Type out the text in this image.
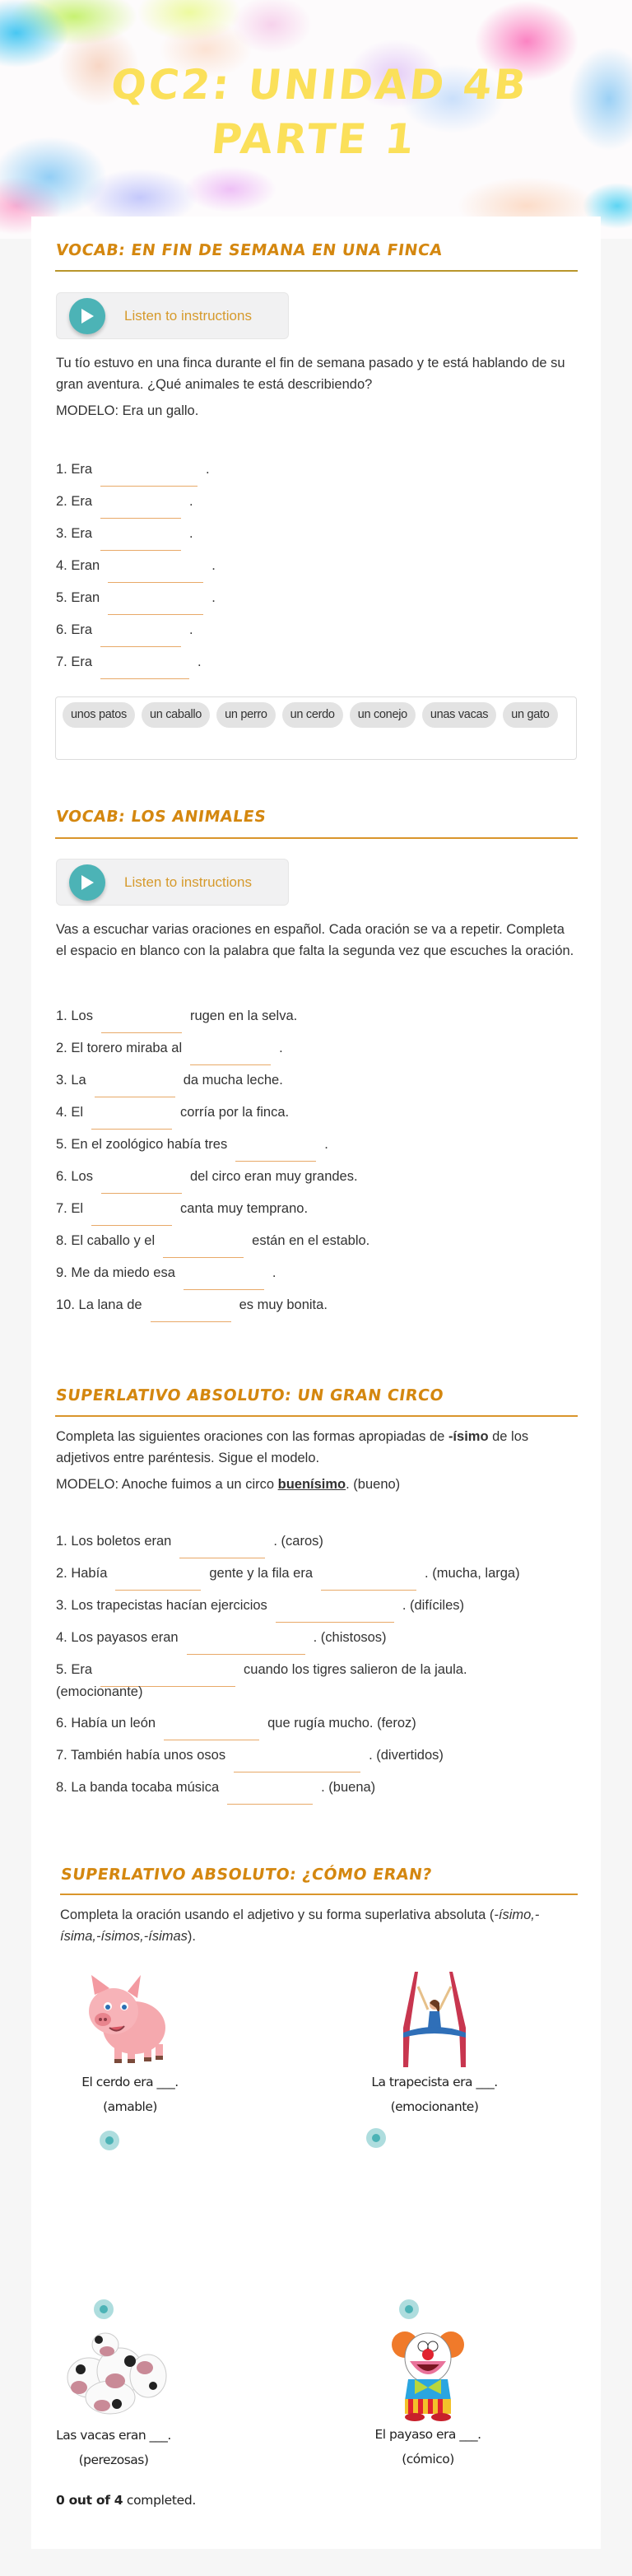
QC2: UNIDAD 4B PARTE 1
VOCAB: EN FIN DE SEMANA EN UNA FINCA
Listen to instructions
Tu tío estuvo en una finca durante el fin de semana pasado y te está hablando de su gran aventura. ¿Qué animales te está describiendo?
MODELO: Era un gallo.
1. Era	.
2. Era	.
3. Era	.
4. Eran	.
5. Eran	.
6. Era	.
7. Era	.
unos patos	un caballo	un perro	un cerdo	un conejo	unas vacas	un gato
VOCAB: LOS ANIMALES
Listen to instructions
Vas a escuchar varias oraciones en español. Cada oración se va a repetir. Completa el espacio en blanco con la palabra que falta la segunda vez que escuches la oración.
1. Los	rugen en la selva.
2. El torero miraba al	.
3. La	da mucha leche.
4. El	corría por la finca.
5. En el zoológico había tres	.
6. Los	del circo eran muy grandes.
7. El	canta muy temprano.
8. El caballo y el	están en el establo.
9. Me da miedo esa	.
10. La lana de	es muy bonita.
SUPERLATIVO ABSOLUTO: UN GRAN CIRCO
Completa las siguientes oraciones con las formas apropiadas de -ísimo de los adjetivos entre paréntesis. Sigue el modelo.
MODELO: Anoche fuimos a un circo buenísimo. (bueno)
1. Los boletos eran	. (caros)
2. Había	gente y la fila era	. (mucha, larga)
3. Los trapecistas hacían ejercicios	. (difíciles)
4. Los payasos eran	. (chistosos)
5. Era	cuando los tigres salieron de la jaula.
(emocionante)
6. Había un león	que rugía mucho. (feroz)
7. También había unos osos	. (divertidos)
8. La banda tocaba música	. (buena)
SUPERLATIVO ABSOLUTO: ¿CÓMO ERAN?
Completa la oración usando el adjetivo y su forma superlativa absoluta (-ísimo,-ísima,-ísimos,-ísimas).
El cerdo era ___.
(amable)
La trapecista era ___.
(emocionante)
Las vacas eran ___.
(perezosas)
El payaso era ___.
(cómico)
0 out of 4 completed.
